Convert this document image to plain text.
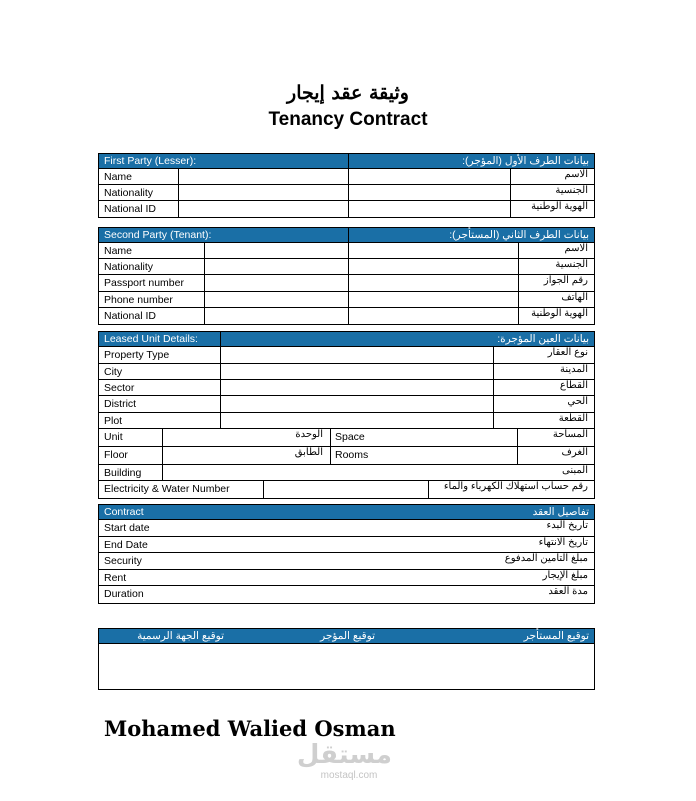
وثيقة عقد إيجار
Tenancy Contract
First Party (Lesser):	بيانات الطرف الأول (المؤجر):
Name	الاسم
Nationality	الجنسية
National ID	الهوية الوطنية
Second Party (Tenant):	بيانات الطرف الثاني (المستأجر):
Name	الاسم
Nationality	الجنسية
Passport number	رقم الجواز
Phone number	الهاتف
National ID	الهوية الوطنية
Leased Unit Details:	بيانات العين المؤجرة:
Property Type	نوع العقار
City	المدينة
Sector	القطاع
District	الحي
Plot	القطعة
Unit	الوحدة Space	المساحة
Floor	الطابق Rooms	الغرف
Building	المبنى
Electricity & Water Number	رقم حساب استهلاك الكهرباء والماء
Contract	تفاصيل العقد
Start date	تاريخ البدء
End Date	تاريخ الانتهاء
Security	مبلغ التامين المدفوع
Rent	مبلغ الإيجار
Duration	مدة العقد
توقيع المستأجر
توقيع المؤجر
توقيع الجهة الرسمية
Mohamed Walied Osman
مستقل
mostaql.com
